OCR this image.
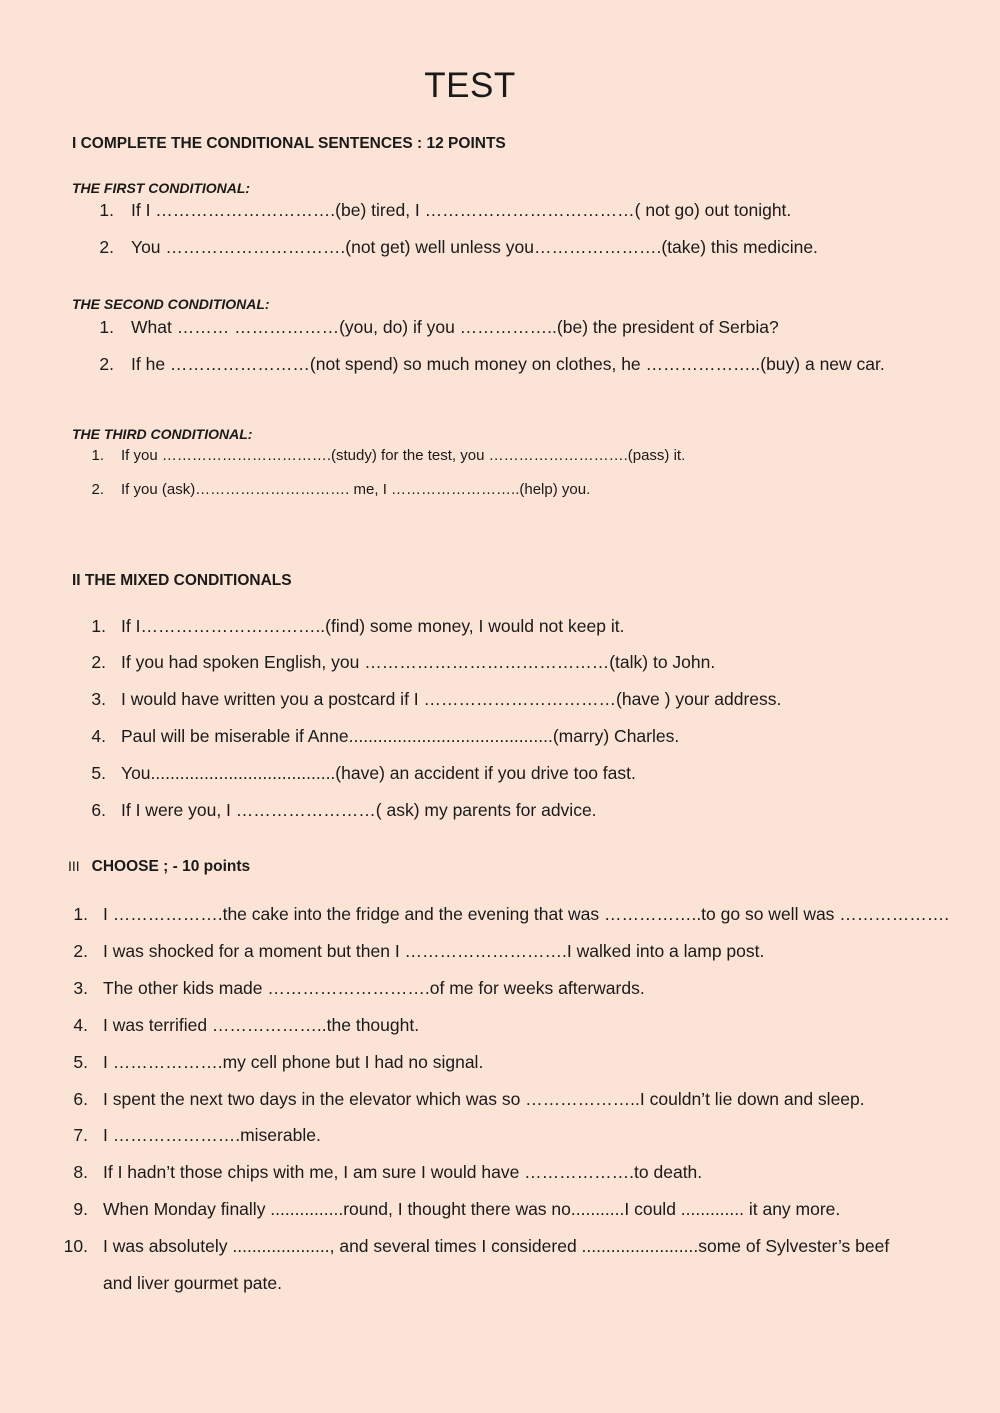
TEST
I COMPLETE THE CONDITIONAL SENTENCES : 12 POINTS
THE FIRST CONDITIONAL:
1. If I ………………………….(be) tired, I ………………………………( not go) out tonight.
2. You ………………………….(not get) well unless you………………….(take) this medicine.
THE SECOND CONDITIONAL:
1. What ……… ………………(you, do) if you ……………..(be) the president of Serbia?
2. If he ……………………(not spend) so much money on clothes, he ………………..(buy) a new car.
THE THIRD CONDITIONAL:
1. If you …………………………….(study) for the test, you ……………………….(pass) it.
2. If you (ask)…………………………. me, I ……………………..(help) you.
II THE MIXED CONDITIONALS
1. If I…………………………..(find) some money, I would not keep it.
2. If you had spoken English, you ……………………………………(talk) to John.
3. I would have written you a postcard if I ……………………………(have ) your address.
4. Paul will be miserable if Anne..........................................(marry) Charles.
5. You......................................(have) an accident if you drive too fast.
6. If I were you, I ……………………( ask) my parents for advice.
III CHOOSE ; - 10 points
1. I ……………….the cake into the fridge and the evening that was ……………..to go so well was ……………….
2. I was shocked for a moment but then I ……………………….I walked into a lamp post.
3. The other kids made ……………………….of me for weeks afterwards.
4. I was terrified ………………..the thought.
5. I ……………….my cell phone but I had no signal.
6. I spent the next two days in the elevator which was so ………………..I couldn’t lie down and sleep.
7. I ………………….miserable.
8. If I hadn’t those chips with me, I am sure I would have ……………….to death.
9. When Monday finally ...............round, I thought there was no...........I could ............. it any more.
10. I was absolutely ...................., and several times I considered ........................some of Sylvester’s beef
and liver gourmet pate.
